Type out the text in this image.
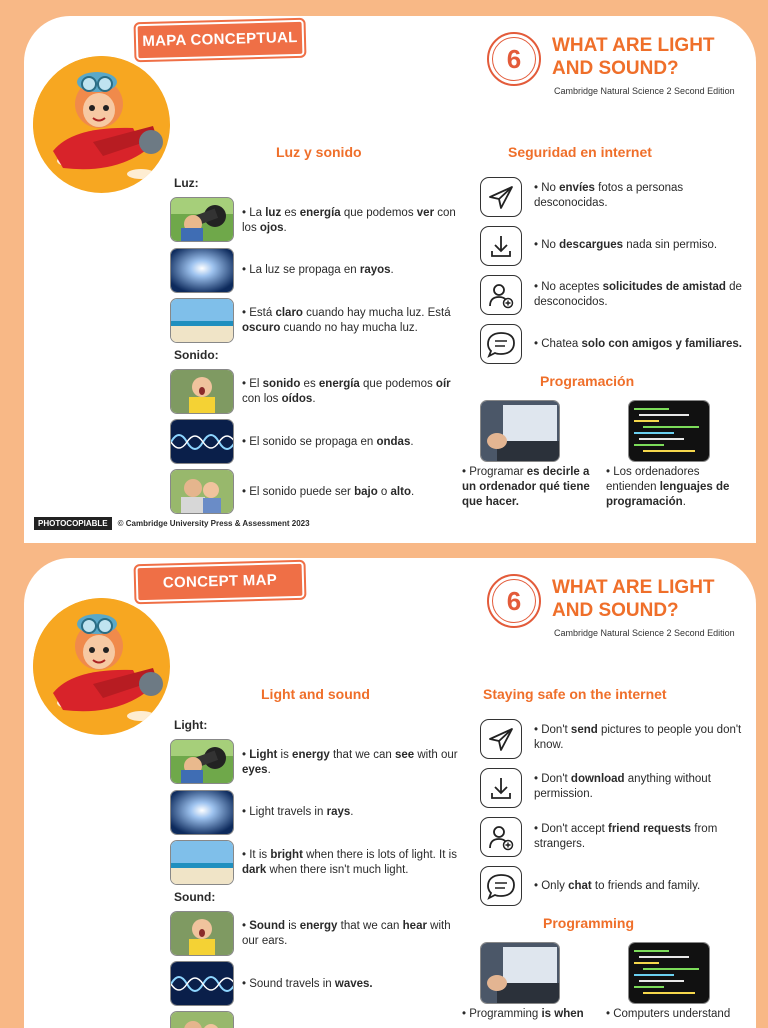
MAPA CONCEPTUAL
6	WHAT ARE LIGHT
AND SOUND?
Cambridge Natural Science 2 Second Edition
Luz y sonido	Seguridad en internet
Luz:
Sonido:
• La luz es energía que podemos ver con los ojos.
• La luz se propaga en rayos.
• Está claro cuando hay mucha luz. Está oscuro cuando no hay mucha luz.
• El sonido es energía que podemos oír con los oídos.
• El sonido se propaga en ondas.
• El sonido puede ser bajo o alto.
• No envíes fotos a personas desconocidas.
• No descargues nada sin permiso.
• No aceptes solicitudes de amistad de desconocidos.
• Chatea solo con amigos y familiares.
Programación
• Programar es decirle a un ordenador qué tiene que hacer.
• Los ordenadores entienden lenguajes de programación.
PHOTOCOPIABLE © Cambridge University Press & Assessment 2023
CONCEPT MAP
6	WHAT ARE LIGHT
AND SOUND?
Cambridge Natural Science 2 Second Edition
Light and sound	Staying safe on the internet
Light:
Sound:
• Light is energy that we can see with our eyes.
• Light travels in rays.
• It is bright when there is lots of light. It is dark when there isn't much light.
• Sound is energy that we can hear with our ears.
• Sound travels in waves.
• Don't send pictures to people you don't know.
• Don't download anything without permission.
• Don't accept friend requests from strangers.
• Only chat to friends and family.
Programming
• Programming is when	• Computers understand
